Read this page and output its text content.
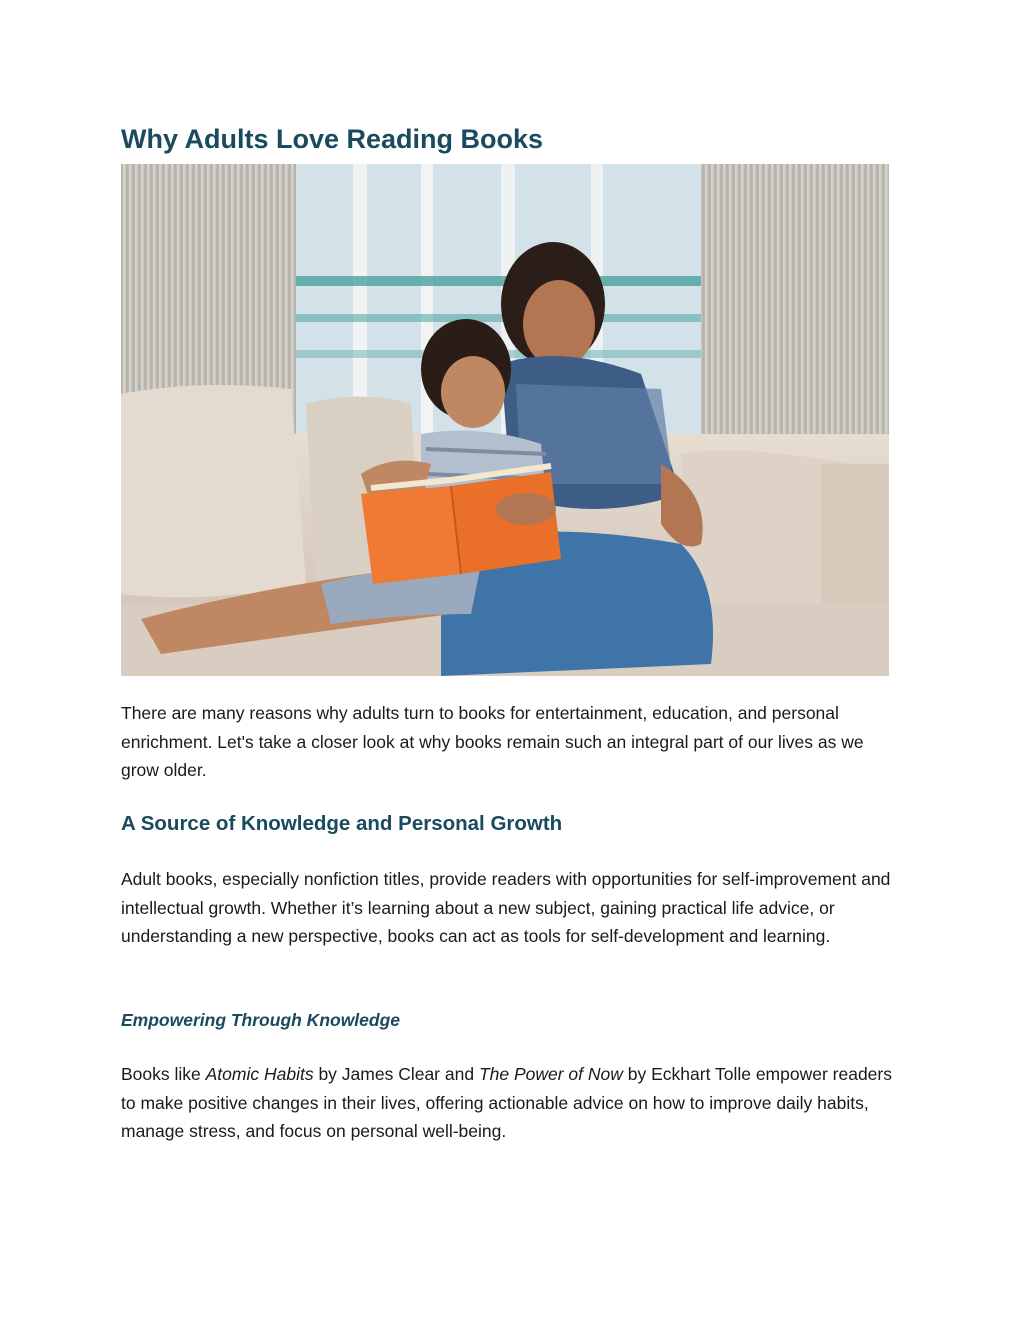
Why Adults Love Reading Books

There are many reasons why adults turn to books for entertainment, education, and personal enrichment. Let's take a closer look at why books remain such an integral part of our lives as we grow older.

A Source of Knowledge and Personal Growth

Adult books, especially nonfiction titles, provide readers with opportunities for self-improvement and intellectual growth. Whether it’s learning about a new subject, gaining practical life advice, or understanding a new perspective, books can act as tools for self-development and learning.

Empowering Through Knowledge

Books like Atomic Habits by James Clear and The Power of Now by Eckhart Tolle empower readers to make positive changes in their lives, offering actionable advice on how to improve daily habits, manage stress, and focus on personal well-being.
